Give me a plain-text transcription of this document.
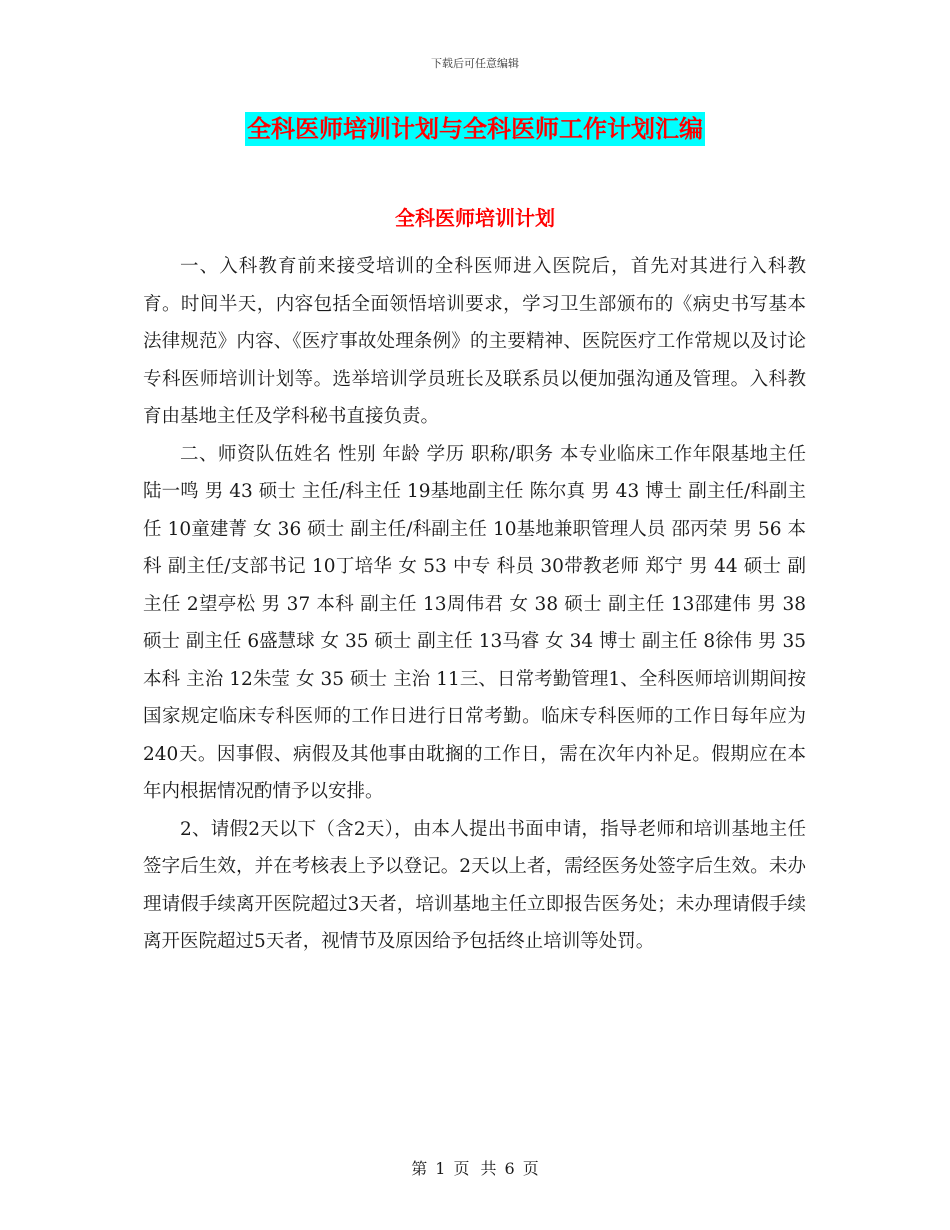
下载后可任意编辑
全科医师培训计划与全科医师工作计划汇编
全科医师培训计划

一、入科教育前来接受培训的全科医师进入医院后，首先对其进行入科教育。时间半天，内容包括全面领悟培训要求，学习卫生部颁布的《病史书写基本法律规范》内容、《医疗事故处理条例》的主要精神、医院医疗工作常规以及讨论专科医师培训计划等。选举培训学员班长及联系员以便加强沟通及管理。入科教育由基地主任及学科秘书直接负责。

二、师资队伍姓名 性别 年龄 学历 职称/职务 本专业临床工作年限基地主任 陆一鸣 男 43 硕士 主任/科主任 19基地副主任 陈尔真 男 43 博士 副主任/科副主任 10童建菁 女 36 硕士 副主任/科副主任 10基地兼职管理人员 邵丙荣 男 56 本科 副主任/支部书记 10丁培华 女 53 中专 科员 30带教老师 郑宁 男 44 硕士 副主任 2望亭松 男 37 本科 副主任 13周伟君 女 38 硕士 副主任 13邵建伟 男 38 硕士 副主任 6盛慧球 女 35 硕士 副主任 13马睿 女 34 博士 副主任 8徐伟 男 35 本科 主治 12朱莹 女 35 硕士 主治 11三、日常考勤管理1、全科医师培训期间按国家规定临床专科医师的工作日进行日常考勤。临床专科医师的工作日每年应为240天。因事假、病假及其他事由耽搁的工作日，需在次年内补足。假期应在本年内根据情况酌情予以安排。

2、请假2天以下（含2天），由本人提出书面申请，指导老师和培训基地主任签字后生效，并在考核表上予以登记。2天以上者，需经医务处签字后生效。未办理请假手续离开医院超过3天者，培训基地主任立即报告医务处；未办理请假手续离开医院超过5天者，视情节及原因给予包括终止培训等处罚。

第 1 页 共 6 页
